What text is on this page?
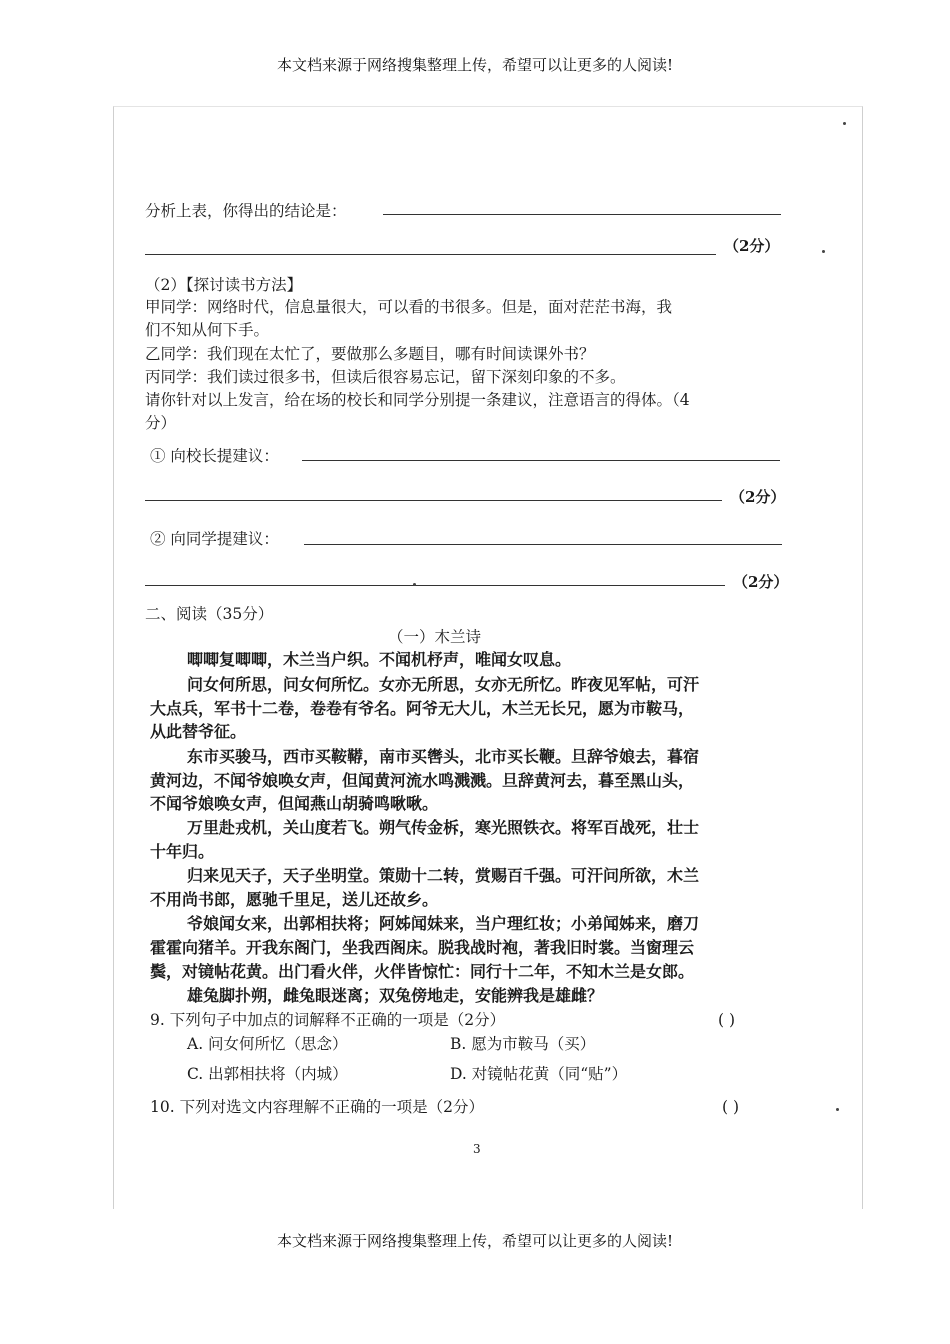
本文档来源于网络搜集整理上传，希望可以让更多的人阅读!
分析上表，你得出的结论是：
（2分）
（2）【探讨读书方法】
甲同学：网络时代，信息量很大，可以看的书很多。但是，面对茫茫书海，我
们不知从何下手。
乙同学：我们现在太忙了，要做那么多题目，哪有时间读课外书？
丙同学：我们读过很多书，但读后很容易忘记，留下深刻印象的不多。
请你针对以上发言，给在场的校长和同学分别提一条建议，注意语言的得体。（4
分）
① 向校长提建议：
（2分）
② 向同学提建议：
（2分）
二、阅读（35分）
（一）木兰诗
唧唧复唧唧，木兰当户织。不闻机杼声，唯闻女叹息。
问女何所思，问女何所忆。女亦无所思，女亦无所忆。昨夜见军帖，可汗
大点兵，军书十二卷，卷卷有爷名。阿爷无大儿，木兰无长兄，愿为市鞍马，
从此替爷征。
东市买骏马，西市买鞍鞯，南市买辔头，北市买长鞭。旦辞爷娘去，暮宿
黄河边，不闻爷娘唤女声，但闻黄河流水鸣溅溅。旦辞黄河去，暮至黑山头，
不闻爷娘唤女声，但闻燕山胡骑鸣啾啾。
万里赴戎机，关山度若飞。朔气传金柝，寒光照铁衣。将军百战死，壮士
十年归。
归来见天子，天子坐明堂。策勋十二转，赏赐百千强。可汗问所欲，木兰
不用尚书郎，愿驰千里足，送儿还故乡。
爷娘闻女来，出郭相扶将；阿姊闻妹来，当户理红妆；小弟闻姊来，磨刀
霍霍向猪羊。开我东阁门，坐我西阁床。脱我战时袍，著我旧时裳。当窗理云
鬓，对镜帖花黄。出门看火伴，火伴皆惊忙：同行十二年，不知木兰是女郎。
雄兔脚扑朔，雌兔眼迷离；双兔傍地走，安能辨我是雄雌？
9. 下列句子中加点的词解释不正确的一项是（2分）	( )
A. 问女何所忆（思念）	B. 愿为市鞍马（买）
C. 出郭相扶将（内城）	D. 对镜帖花黄（同“贴”）
10. 下列对选文内容理解不正确的一项是（2分）	( )
3
本文档来源于网络搜集整理上传，希望可以让更多的人阅读!
